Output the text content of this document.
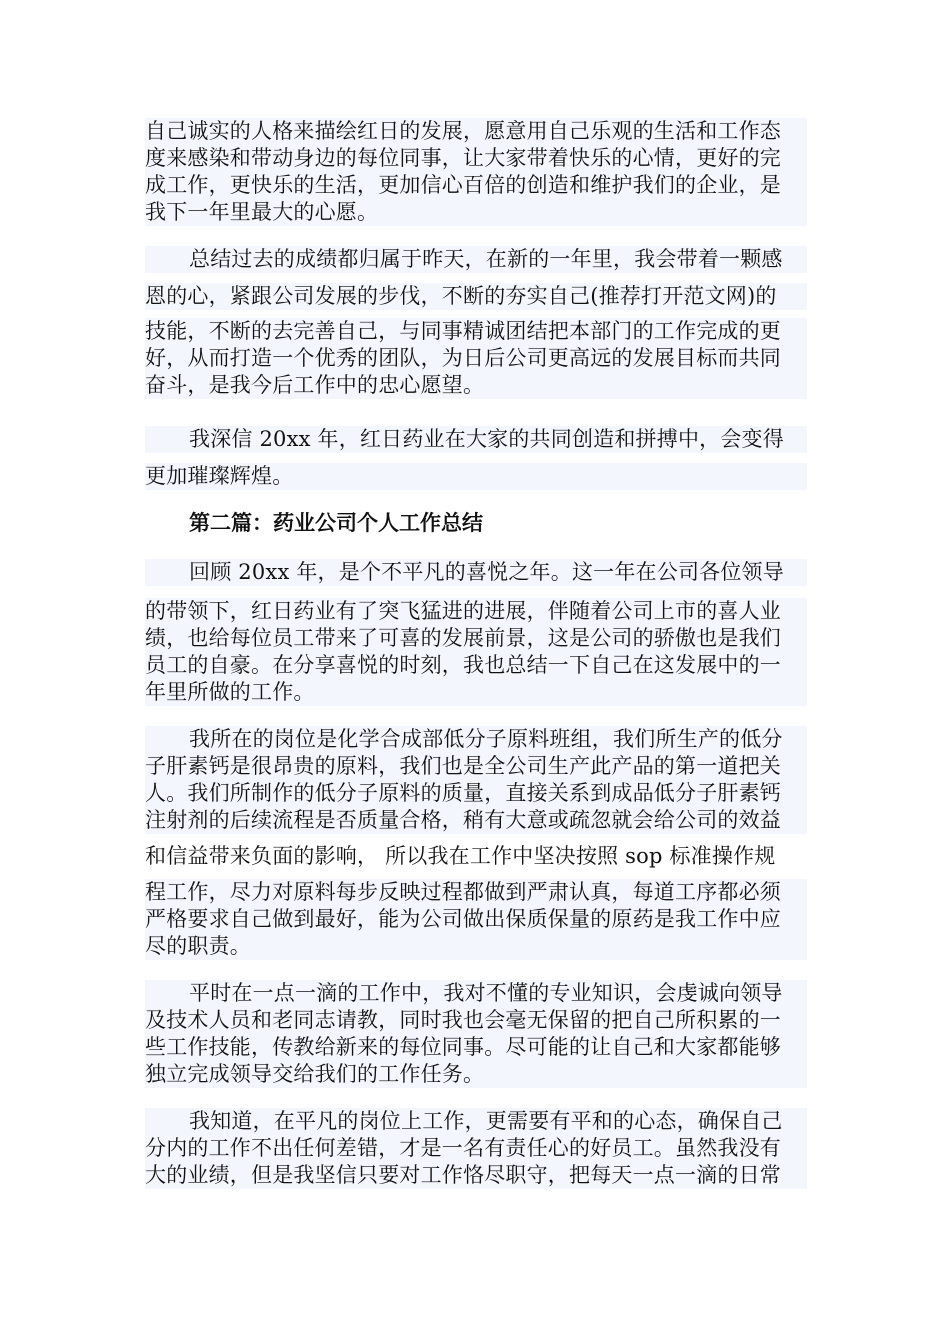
自己诚实的人格来描绘红日的发展，愿意用自己乐观的生活和工作态
度来感染和带动身边的每位同事，让大家带着快乐的心情，更好的完
成工作，更快乐的生活，更加信心百倍的创造和维护我们的企业，是
我下一年里最大的心愿。
总结过去的成绩都归属于昨天，在新的一年里，我会带着一颗感
恩的心，紧跟公司发展的步伐，不断的夯实自己(推荐打开范文网)的
技能，不断的去完善自己，与同事精诚团结把本部门的工作完成的更
好，从而打造一个优秀的团队，为日后公司更高远的发展目标而共同
奋斗，是我今后工作中的忠心愿望。
我深信 20xx 年，红日药业在大家的共同创造和拼搏中，会变得
更加璀璨辉煌。
第二篇：药业公司个人工作总结
回顾 20xx 年，是个不平凡的喜悦之年。这一年在公司各位领导
的带领下，红日药业有了突飞猛进的进展，伴随着公司上市的喜人业
绩，也给每位员工带来了可喜的发展前景，这是公司的骄傲也是我们
员工的自豪。在分享喜悦的时刻，我也总结一下自己在这发展中的一
年里所做的工作。
我所在的岗位是化学合成部低分子原料班组，我们所生产的低分
子肝素钙是很昂贵的原料，我们也是全公司生产此产品的第一道把关
人。我们所制作的低分子原料的质量，直接关系到成品低分子肝素钙
注射剂的后续流程是否质量合格，稍有大意或疏忽就会给公司的效益
和信益带来负面的影响， 所以我在工作中坚决按照 sop 标准操作规
程工作，尽力对原料每步反映过程都做到严肃认真，每道工序都必须
严格要求自己做到最好，能为公司做出保质保量的原药是我工作中应
尽的职责。
平时在一点一滴的工作中，我对不懂的专业知识，会虔诚向领导
及技术人员和老同志请教，同时我也会毫无保留的把自己所积累的一
些工作技能，传教给新来的每位同事。尽可能的让自己和大家都能够
独立完成领导交给我们的工作任务。
我知道，在平凡的岗位上工作，更需要有平和的心态，确保自己
分内的工作不出任何差错，才是一名有责任心的好员工。虽然我没有
大的业绩，但是我坚信只要对工作恪尽职守，把每天一点一滴的日常
